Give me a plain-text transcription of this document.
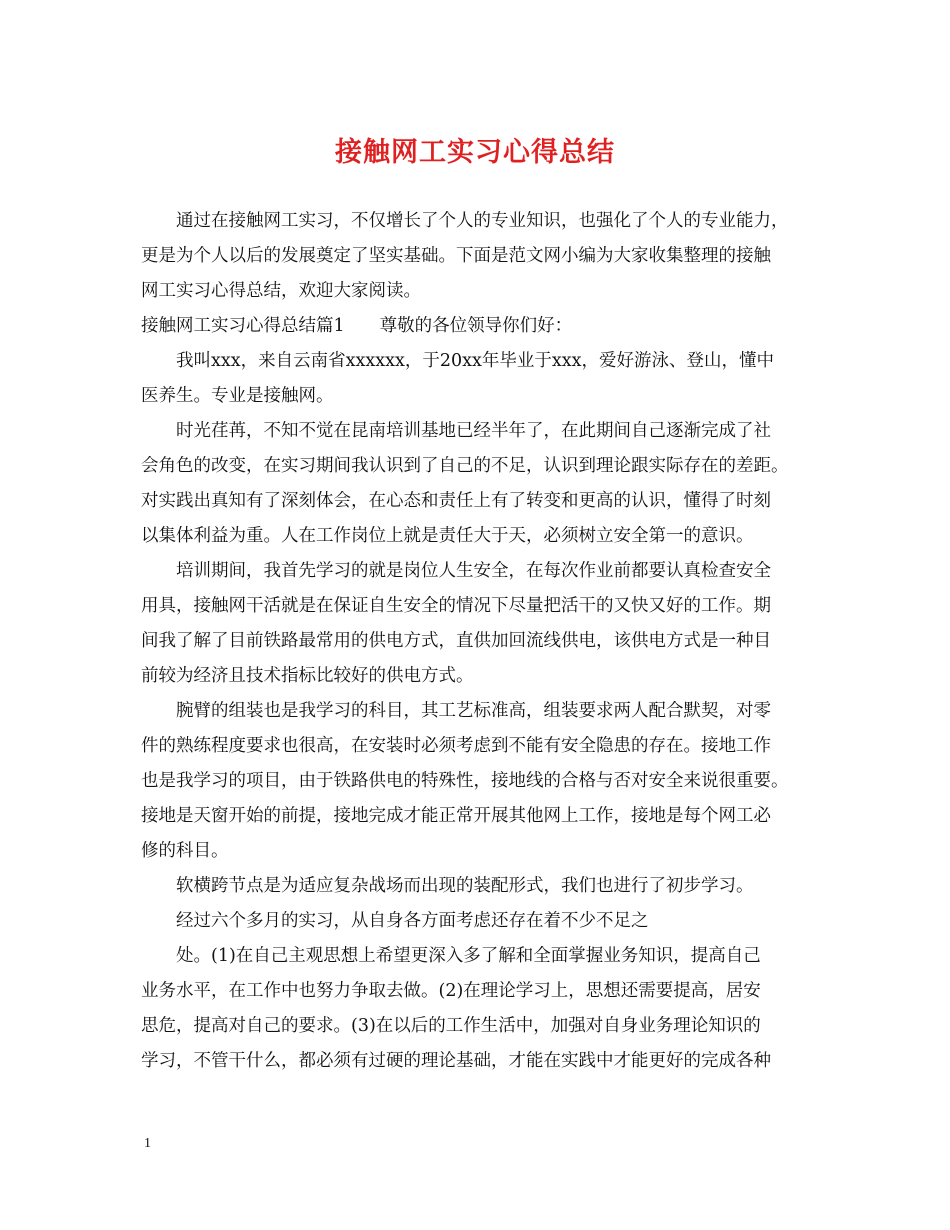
接触网工实习心得总结
通过在接触网工实习，不仅增长了个人的专业知识，也强化了个人的专业能力，
更是为个人以后的发展奠定了坚实基础。下面是范文网小编为大家收集整理的接触
网工实习心得总结，欢迎大家阅读。
接触网工实习心得总结篇1　　尊敬的各位领导你们好：
我叫xxx，来自云南省xxxxxx，于20xx年毕业于xxx，爱好游泳、登山，懂中
医养生。专业是接触网。
时光荏苒，不知不觉在昆南培训基地已经半年了，在此期间自己逐渐完成了社
会角色的改变，在实习期间我认识到了自己的不足，认识到理论跟实际存在的差距。
对实践出真知有了深刻体会，在心态和责任上有了转变和更高的认识，懂得了时刻
以集体利益为重。人在工作岗位上就是责任大于天，必须树立安全第一的意识。
培训期间，我首先学习的就是岗位人生安全，在每次作业前都要认真检查安全
用具，接触网干活就是在保证自生安全的情况下尽量把活干的又快又好的工作。期
间我了解了目前铁路最常用的供电方式，直供加回流线供电，该供电方式是一种目
前较为经济且技术指标比较好的供电方式。
腕臂的组装也是我学习的科目，其工艺标准高，组装要求两人配合默契，对零
件的熟练程度要求也很高，在安装时必须考虑到不能有安全隐患的存在。接地工作
也是我学习的项目，由于铁路供电的特殊性，接地线的合格与否对安全来说很重要。
接地是天窗开始的前提，接地完成才能正常开展其他网上工作，接地是每个网工必
修的科目。
软横跨节点是为适应复杂战场而出现的装配形式，我们也进行了初步学习。
经过六个多月的实习，从自身各方面考虑还存在着不少不足之
处。(1)在自己主观思想上希望更深入多了解和全面掌握业务知识，提高自己
业务水平，在工作中也努力争取去做。(2)在理论学习上，思想还需要提高，居安
思危，提高对自己的要求。(3)在以后的工作生活中，加强对自身业务理论知识的
学习，不管干什么，都必须有过硬的理论基础，才能在实践中才能更好的完成各种
1
